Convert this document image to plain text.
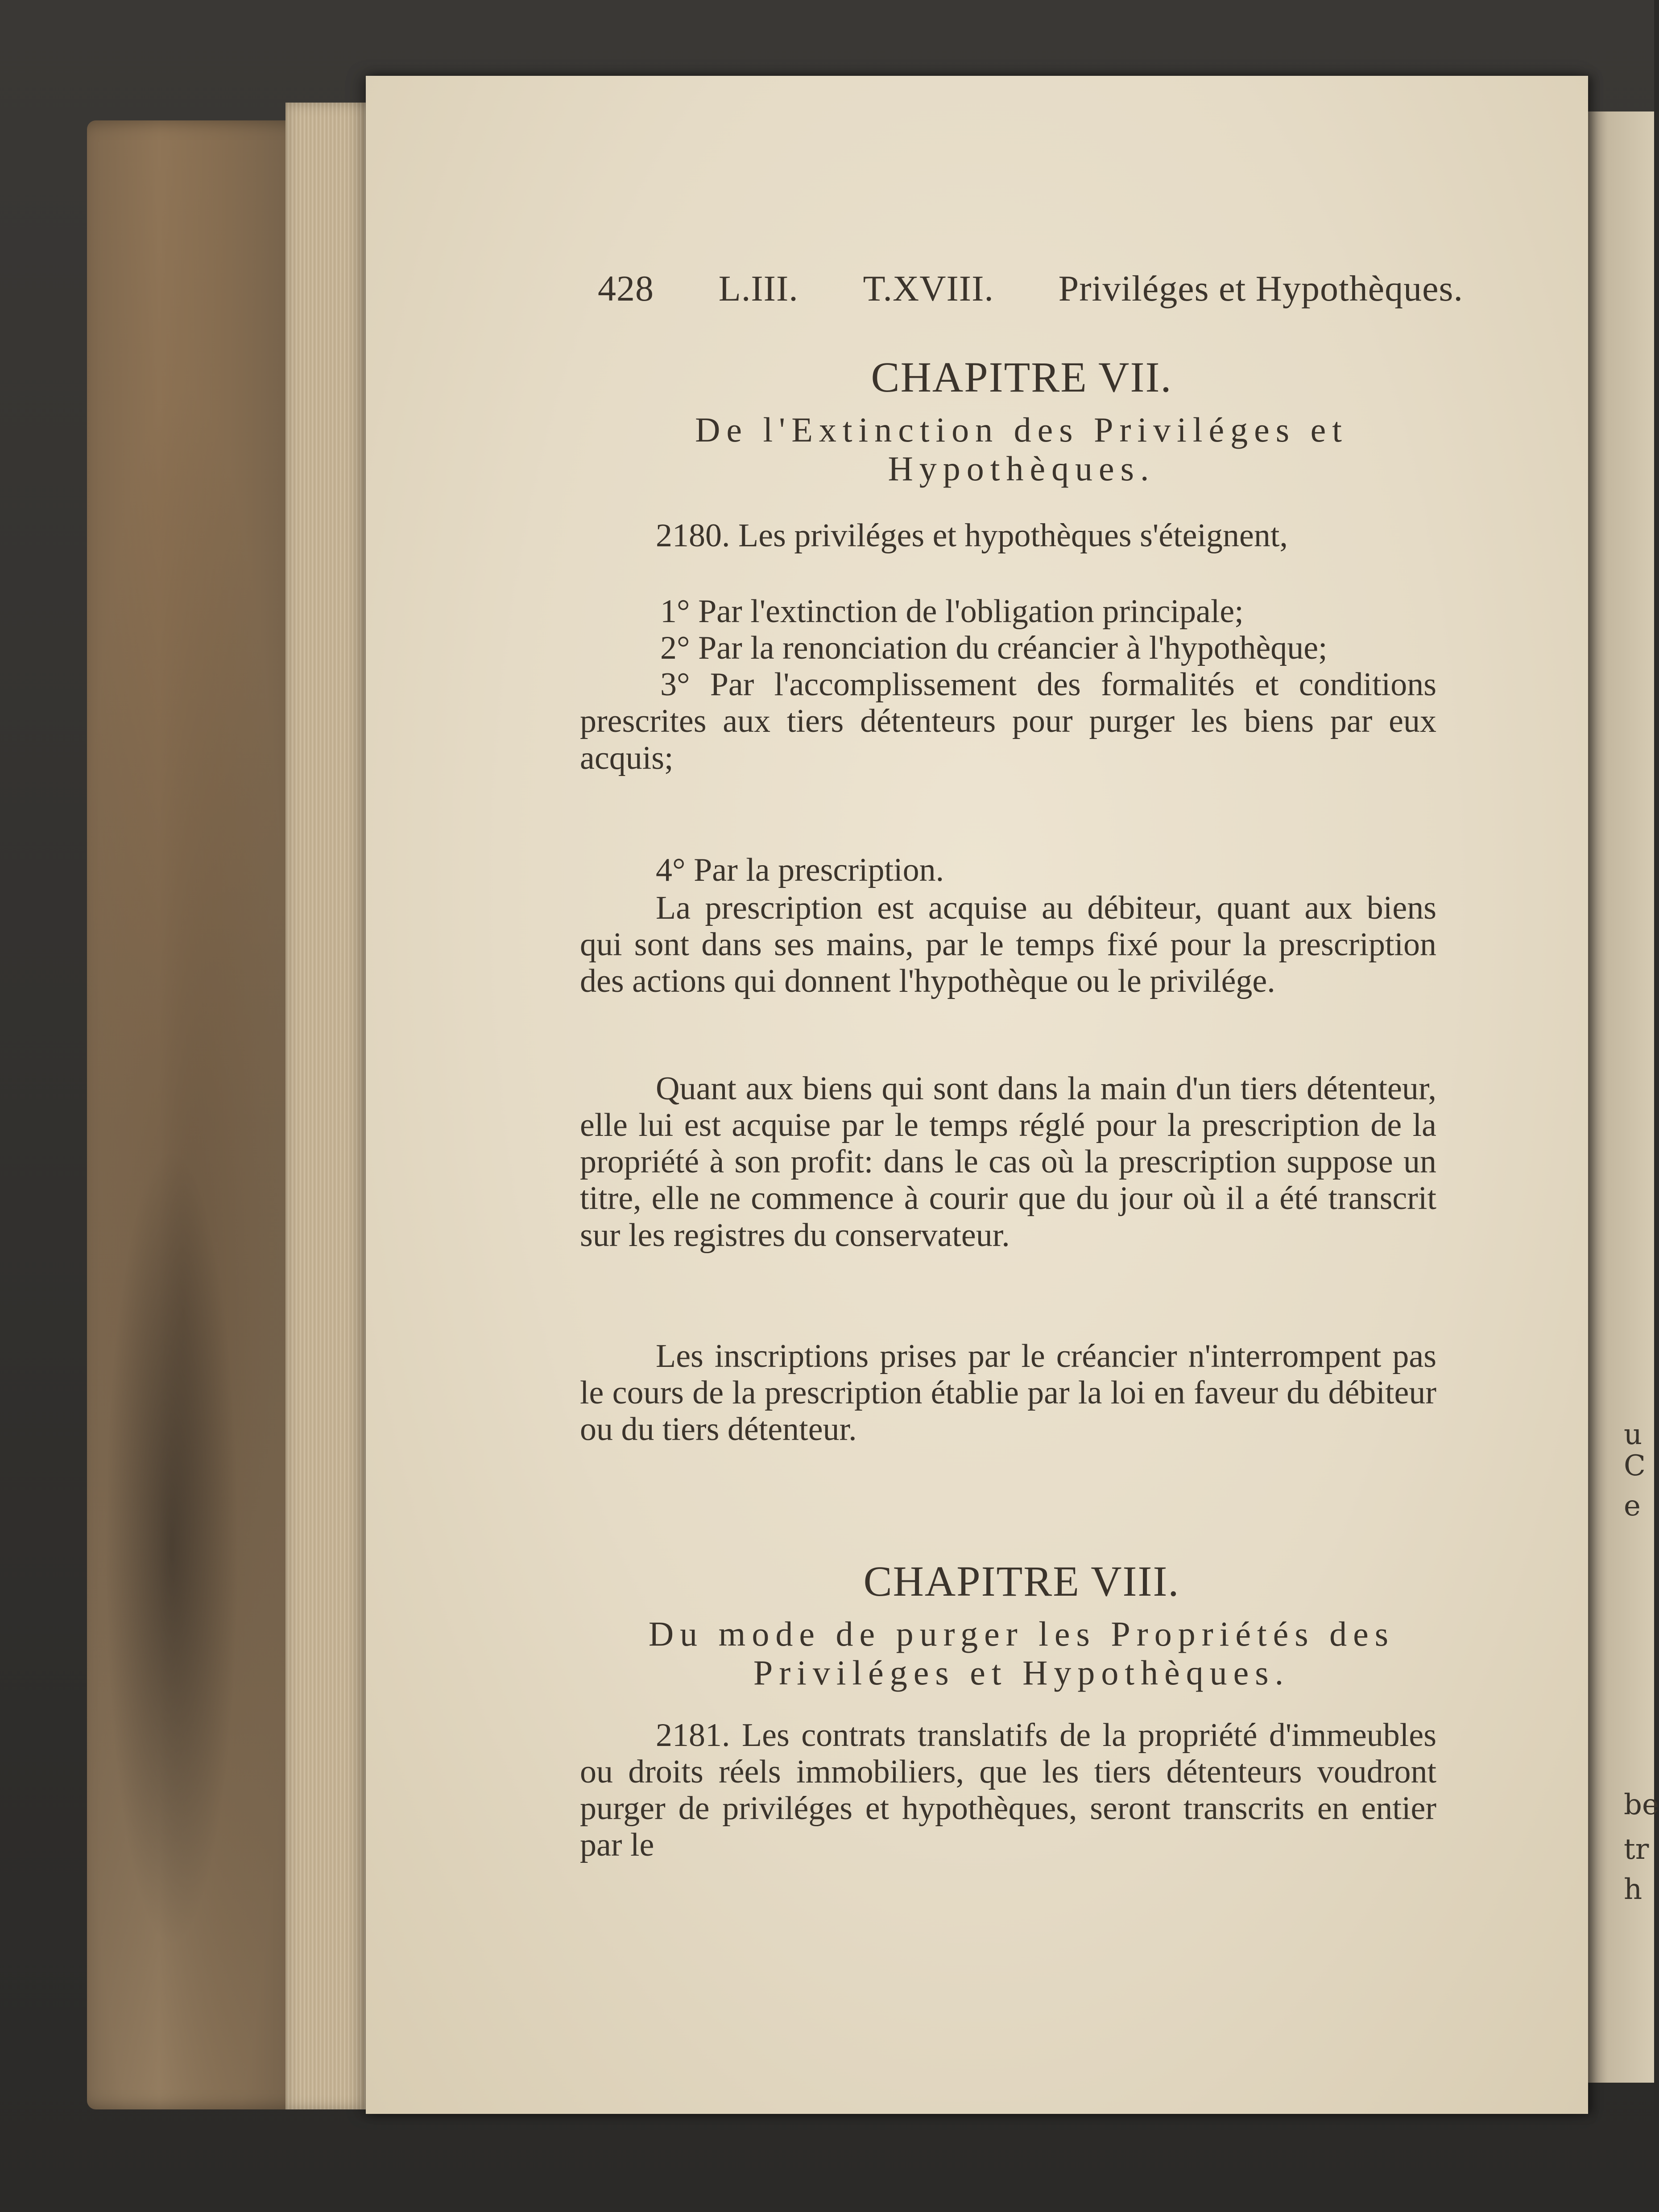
u
C
e
be
tr
h
428 L.III. T.XVIII. Priviléges et Hypothèques.
CHAPITRE VII.
De l'Extinction des Priviléges et Hypothèques.
2180. Les priviléges et hypothèques s'éteignent,
1° Par l'extinction de l'obligation principale;
2° Par la renonciation du créancier à l'hypothèque;
3° Par l'accomplissement des formalités et conditions prescrites aux tiers détenteurs pour purger les biens par eux acquis;
4° Par la prescription.
La prescription est acquise au débiteur, quant aux biens qui sont dans ses mains, par le temps fixé pour la prescription des actions qui donnent l'hypothèque ou le privilége.
Quant aux biens qui sont dans la main d'un tiers détenteur, elle lui est acquise par le temps réglé pour la prescription de la propriété à son profit: dans le cas où la prescription suppose un titre, elle ne commence à courir que du jour où il a été transcrit sur les registres du conservateur.
Les inscriptions prises par le créancier n'interrompent pas le cours de la prescription établie par la loi en faveur du débiteur ou du tiers détenteur.
CHAPITRE VIII.
Du mode de purger les Propriétés des Priviléges et Hypothèques.
2181. Les contrats translatifs de la propriété d'immeubles ou droits réels immobiliers, que les tiers détenteurs voudront purger de priviléges et hypothèques, seront transcrits en entier par le
